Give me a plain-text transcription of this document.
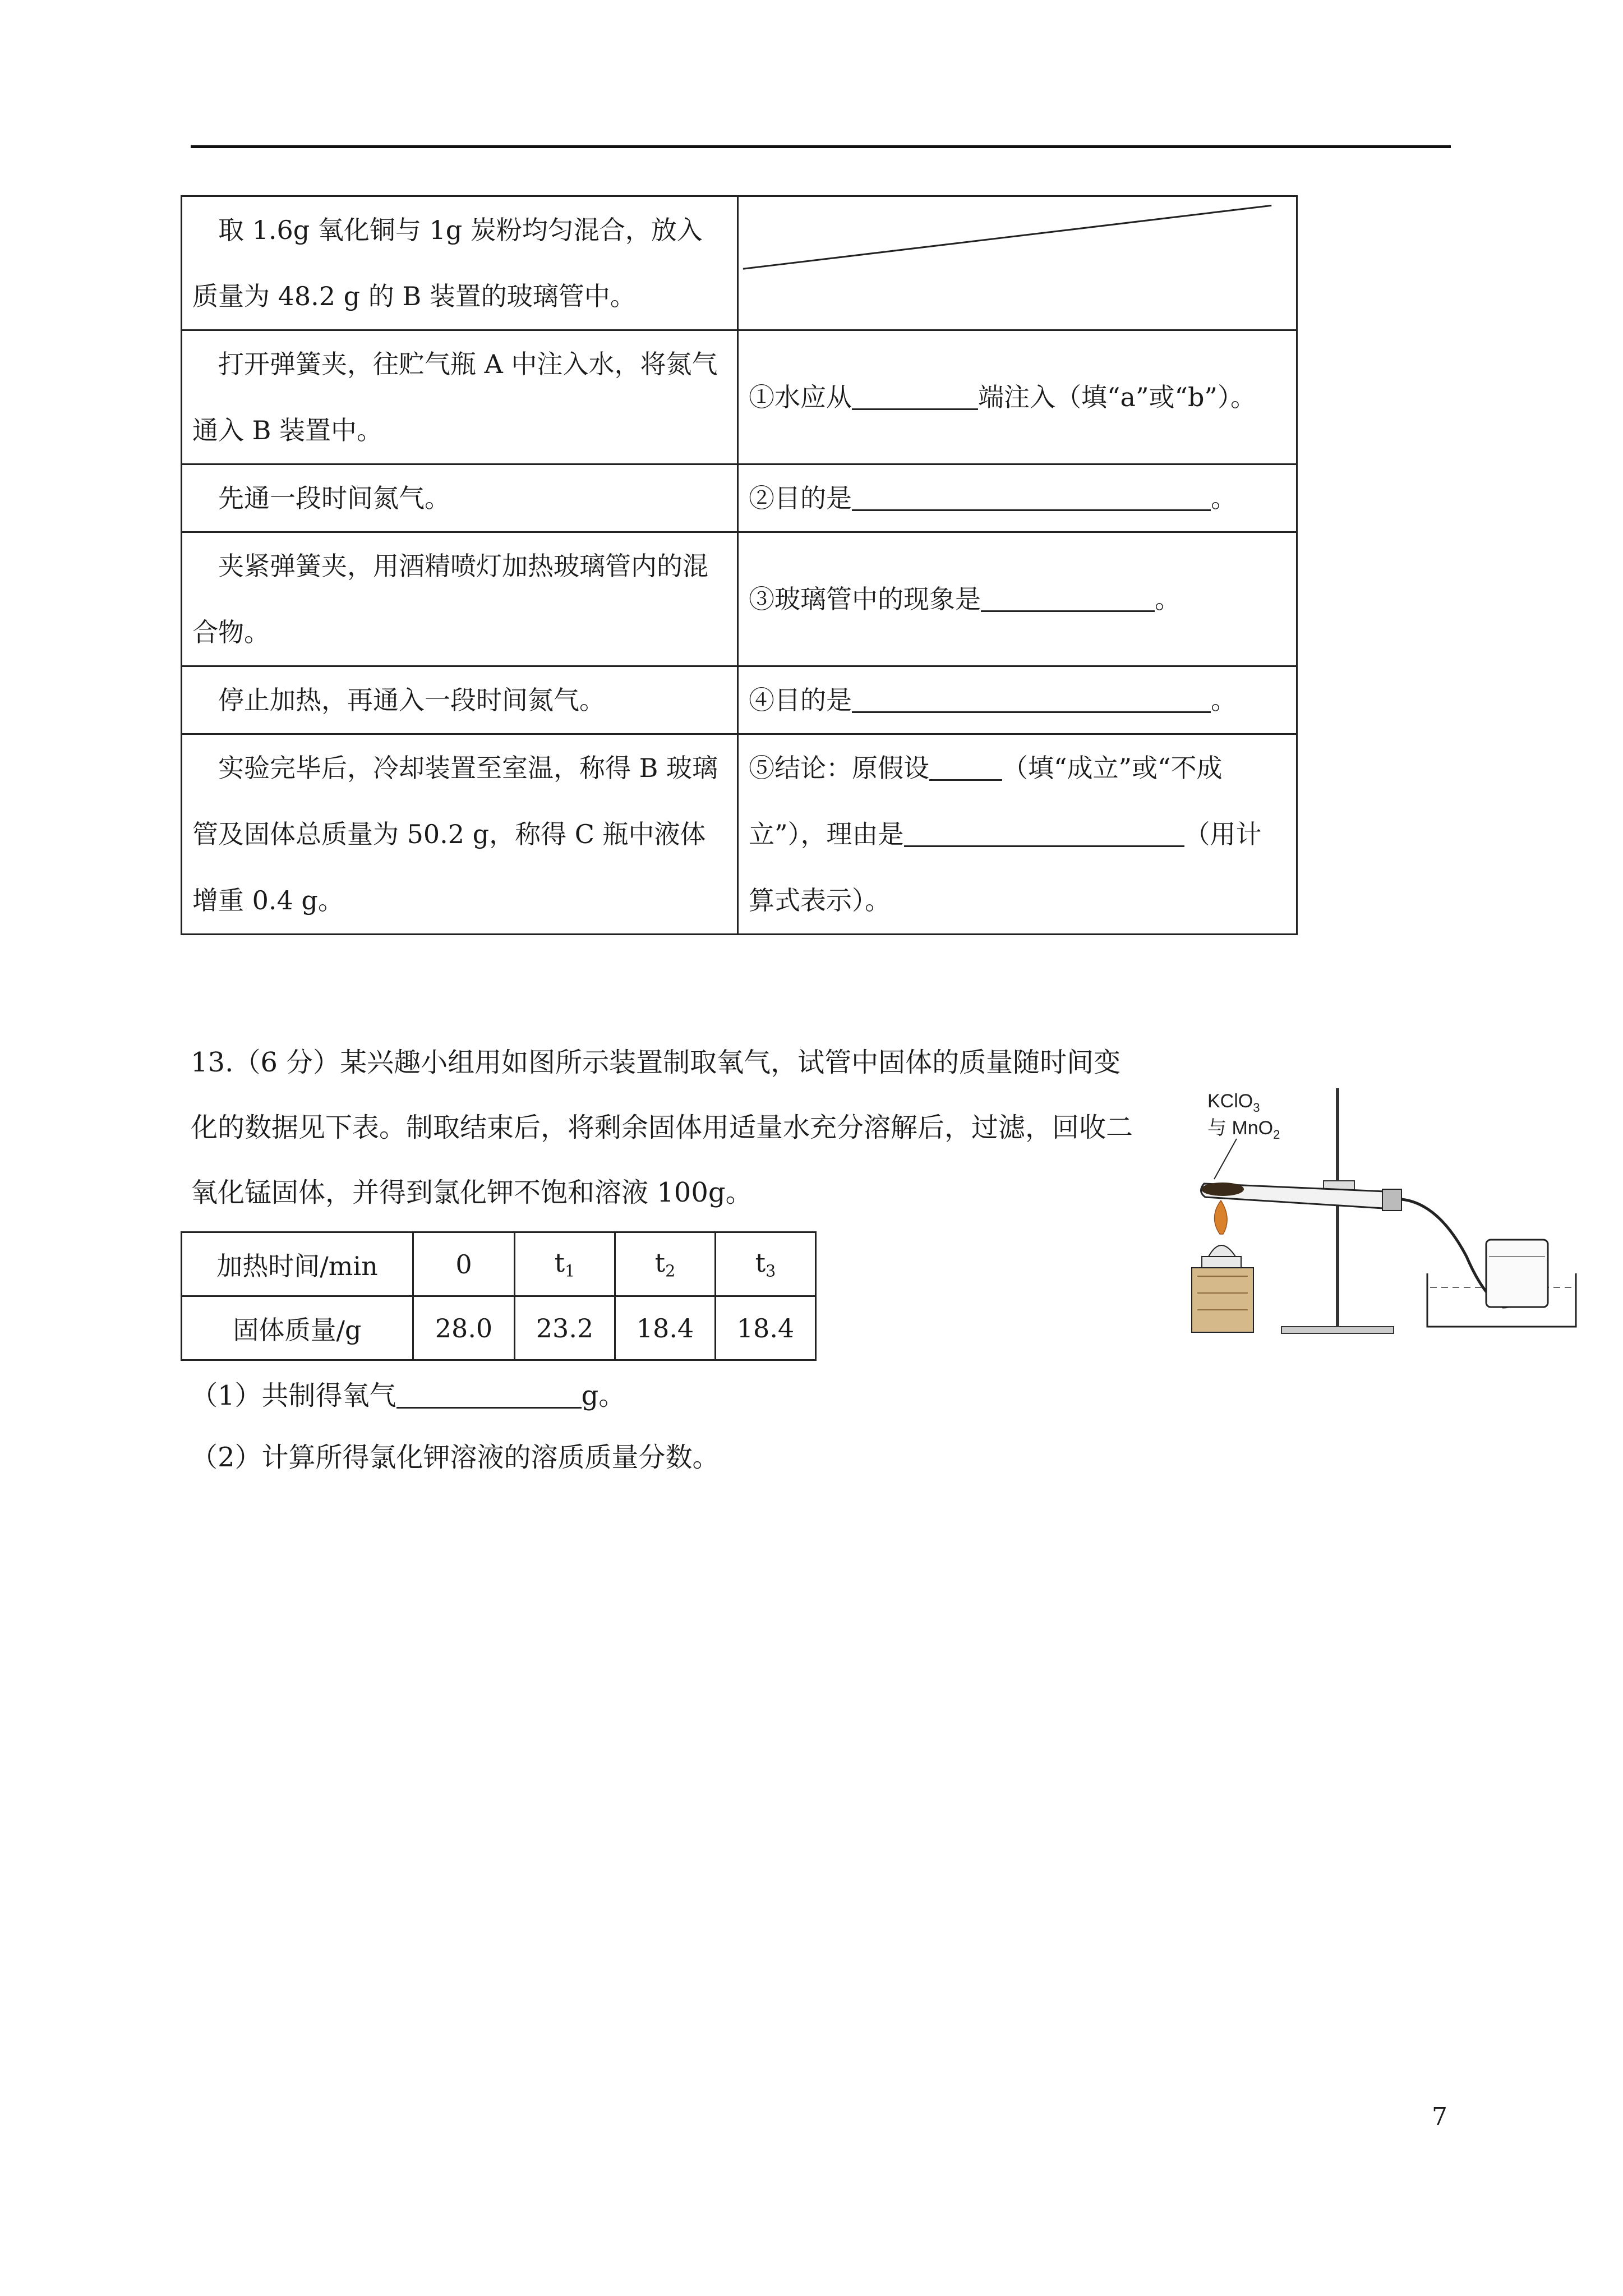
取 1.6g 氧化铜与 1g 炭粉均匀混合，放入质量为 48.2 g 的 B 装置的玻璃管中。	

打开弹簧夹，往贮气瓶 A 中注入水，将氮气通入 B 装置中。	①水应从 端注入（填“a”或“b”）。
先通一段时间氮气。	②目的是 。
夹紧弹簧夹，用酒精喷灯加热玻璃管内的混合物。	③玻璃管中的现象是 。
停止加热，再通入一段时间氮气。	④目的是 。
实验完毕后，冷却装置至室温，称得 B 玻璃管及固体总质量为 50.2 g，称得 C 瓶中液体增重 0.4 g。	⑤结论：原假设 （填“成立”或“不成立”），理由是 （用计算式表示）。
13.（6 分）某兴趣小组用如图所示装置制取氧气，试管中固体的质量随时间变化的数据见下表。制取结束后，将剩余固体用适量水充分溶解后，过滤，回收二氧化锰固体，并得到氯化钾不饱和溶液 100g。
加热时间/min	0	$t_1$	$t_2$	$t_3$
固体质量/g	28.0	23.2	18.4	18.4
（1）共制得氧气	g。
（2）计算所得氯化钾溶液的溶质质量分数。
KClO$_3$
与 MnO$_2$
7
